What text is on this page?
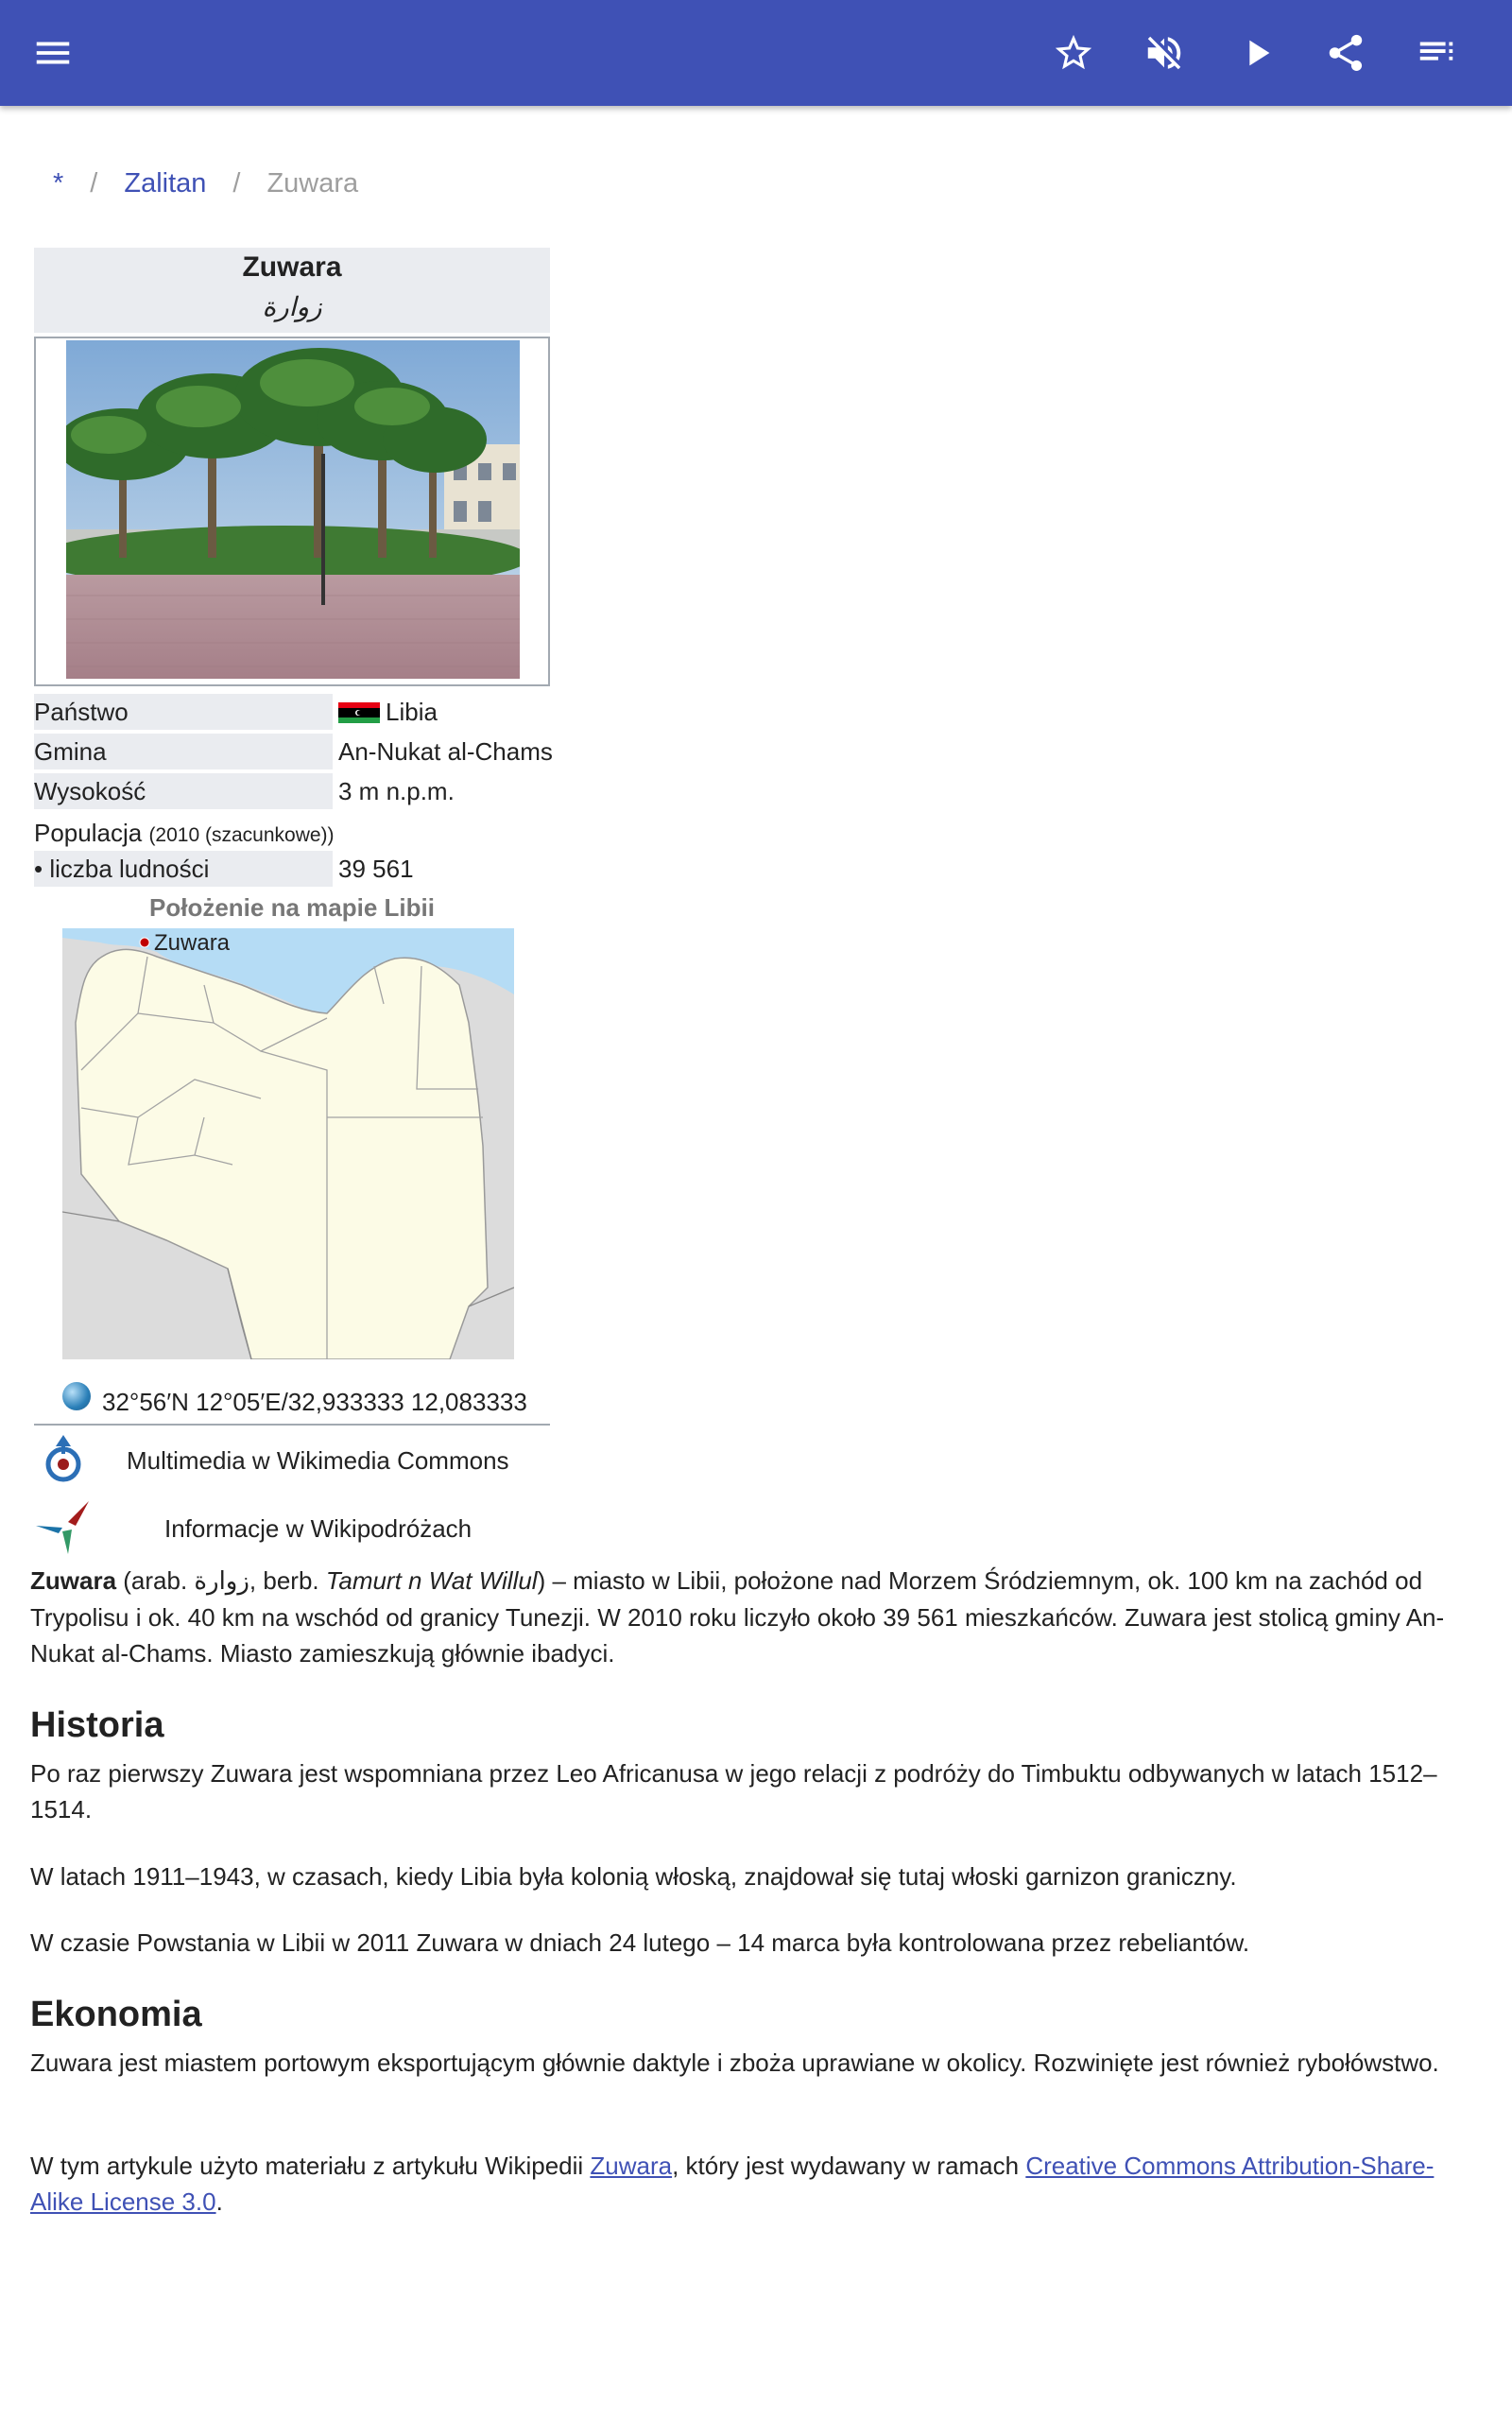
* / Zalitan / Zuwara
Zuwara
زوارة
Państwo	Libia
Gmina	An-Nukat al-Chams
Wysokość	3 m n.p.m.
Populacja (2010 (szacunkowe))
• liczba ludności	39 561
Położenie na mapie Libii
Zuwara
32°56′N 12°05′E/32,933333 12,083333
Multimedia w Wikimedia Commons
Informacje w Wikipodróżach

Zuwara (arab. زوارة, berb. Tamurt n Wat Willul) – miasto w Libii, położone nad Morzem Śródziemnym, ok. 100 km na zachód od Trypolisu i ok. 40 km na wschód od granicy Tunezji. W 2010 roku liczyło około 39 561 mieszkańców. Zuwara jest stolicą gminy An-Nukat al-Chams. Miasto zamieszkują głównie ibadyci.

Historia

Po raz pierwszy Zuwara jest wspomniana przez Leo Africanusa w jego relacji z podróży do Timbuktu odbywanych w latach 1512–1514.

W latach 1911–1943, w czasach, kiedy Libia była kolonią włoską, znajdował się tutaj włoski garnizon graniczny.

W czasie Powstania w Libii w 2011 Zuwara w dniach 24 lutego – 14 marca była kontrolowana przez rebeliantów.

Ekonomia

Zuwara jest miastem portowym eksportującym głównie daktyle i zboża uprawiane w okolicy. Rozwinięte jest również rybołówstwo.

W tym artykule użyto materiału z artykułu Wikipedii Zuwara, który jest wydawany w ramach Creative Commons Attribution-Share-Alike License 3.0.
